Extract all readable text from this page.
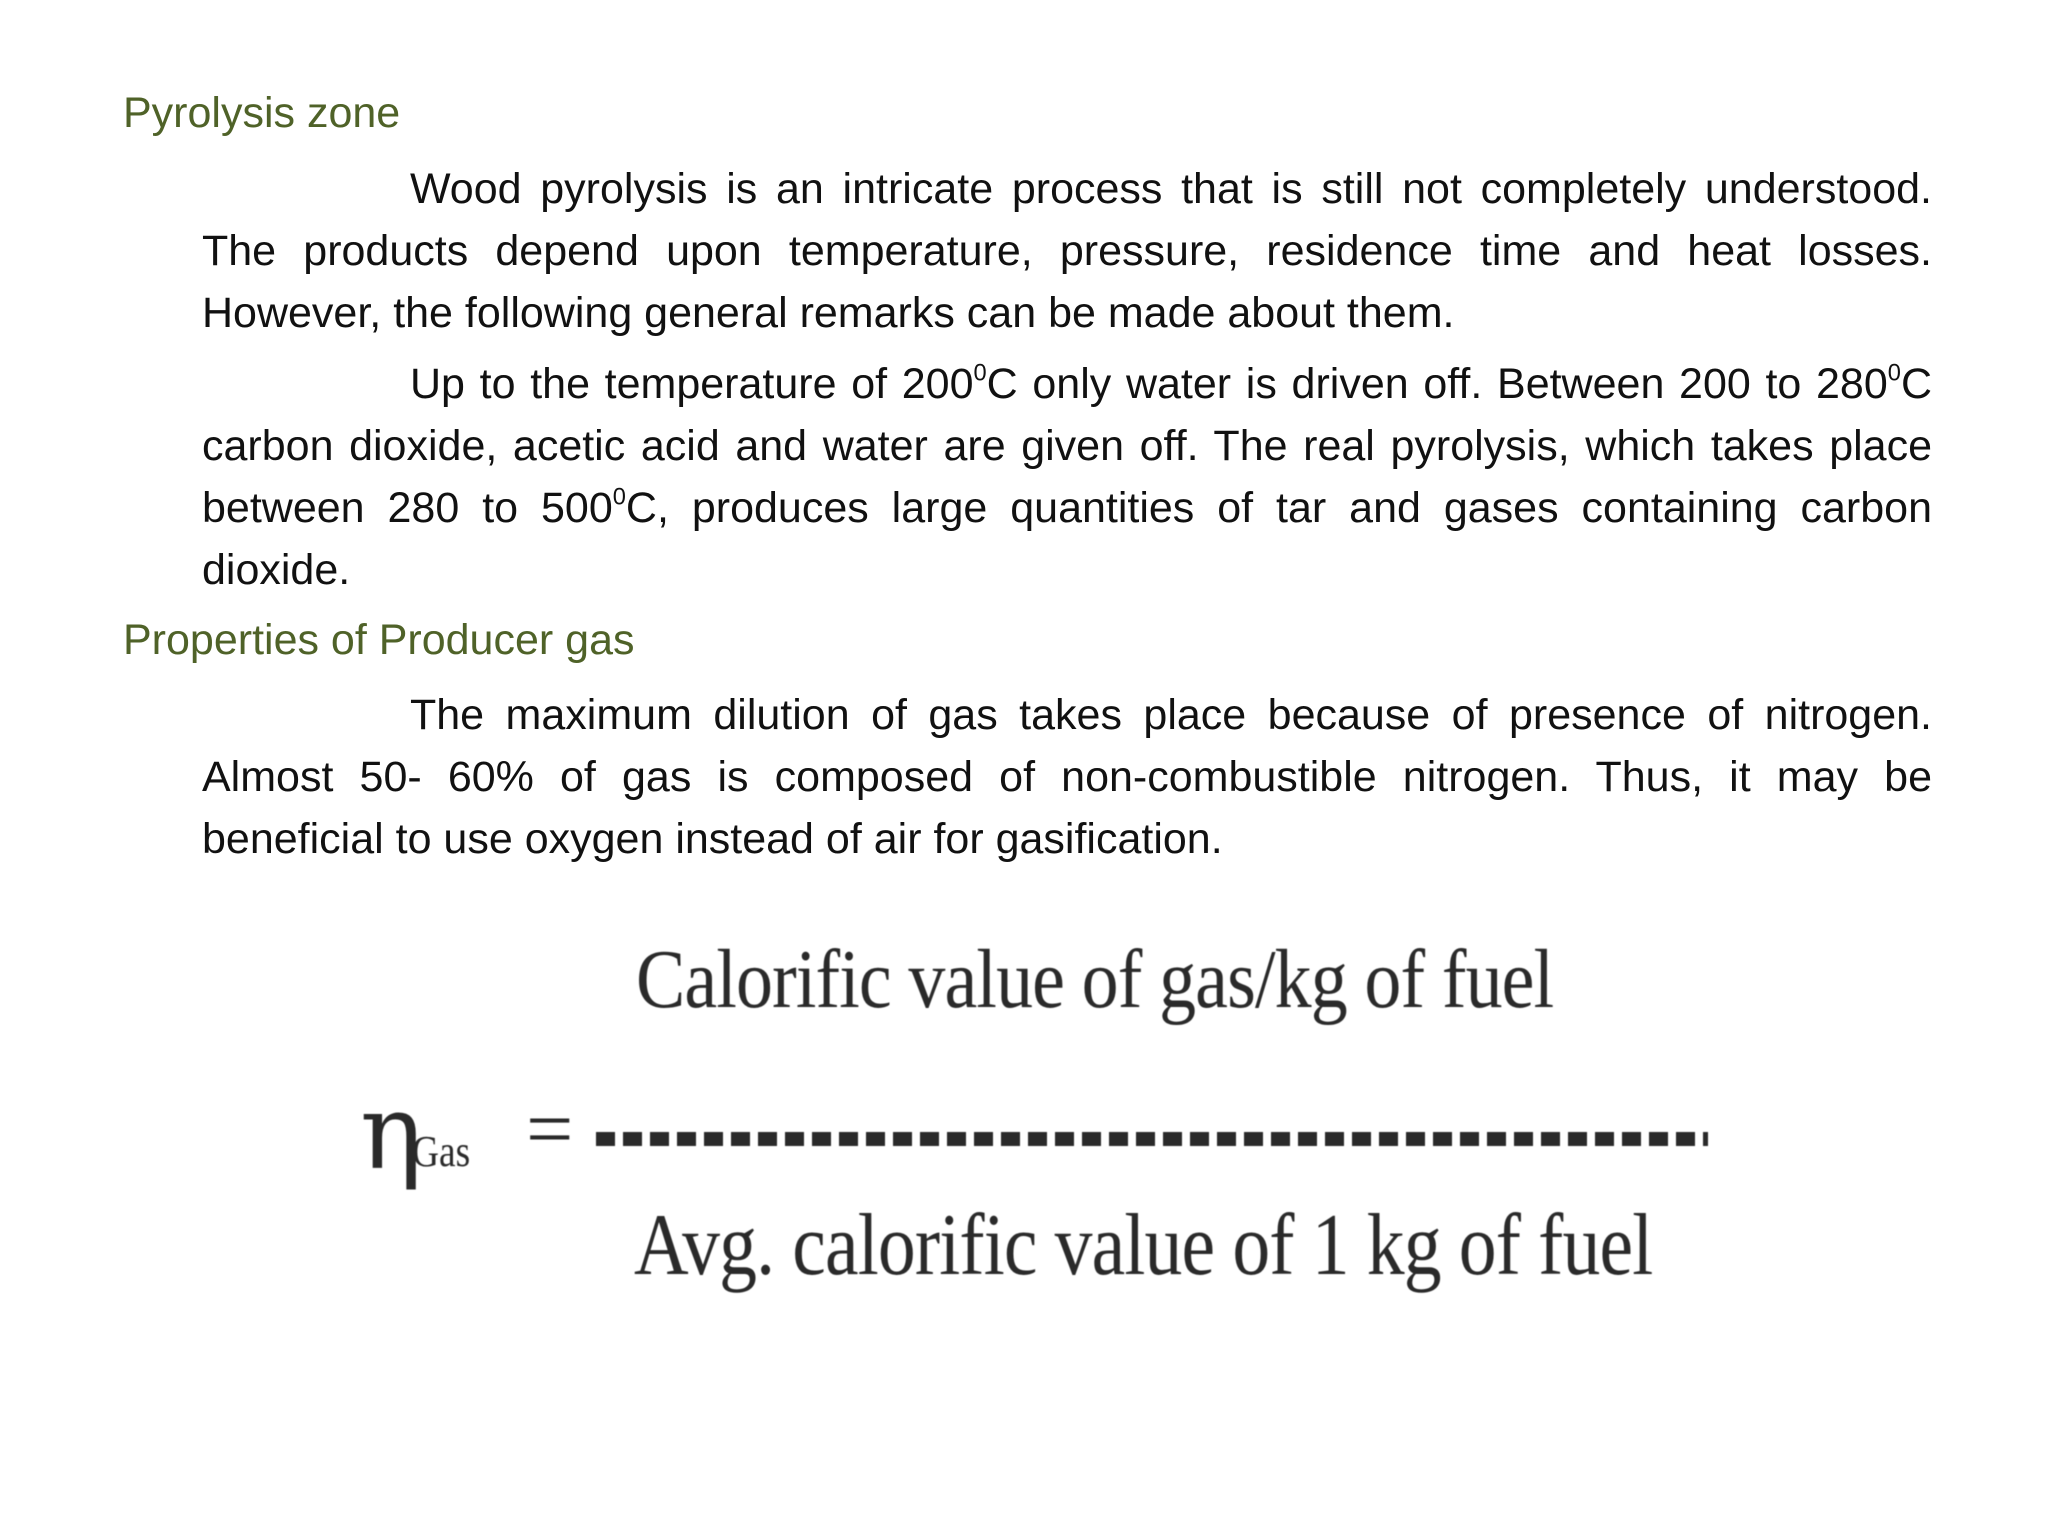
Pyrolysis zone

Wood pyrolysis is an intricate process that is still not completely understood. The products depend upon temperature, pressure, residence time and heat losses. However, the following general remarks can be made about them.

Up to the temperature of $200^0C$ only water is driven off. Between 200 to $280^0C$ carbon dioxide, acetic acid and water are given off. The real pyrolysis, which takes place between 280 to $500^0C$, produces large quantities of tar and gases containing carbon dioxide.

Properties of Producer gas

The maximum dilution of gas takes place because of presence of nitrogen. Almost 50- 60% of gas is composed of non-combustible nitrogen. Thus, it may be beneficial to use oxygen instead of air for gasification.

Calorific value of gas/kg of fuel
η
Gas =
Avg. calorific value of 1 kg of fuel
